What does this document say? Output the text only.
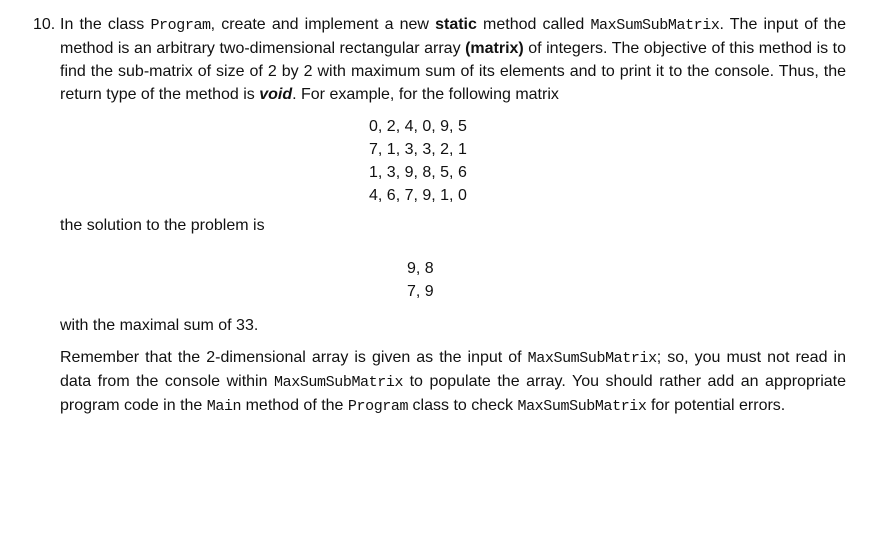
10. In the class Program, create and implement a new static method called MaxSumSubMatrix. The input of the method is an arbitrary two-dimensional rectangular array (matrix) of integers. The objective of this method is to find the sub-matrix of size of 2 by 2 with maximum sum of its elements and to print it to the console. Thus, the return type of the method is void. For example, for the following matrix

0, 2, 4, 0, 9, 5
7, 1, 3, 3, 2, 1
1, 3, 9, 8, 5, 6
4, 6, 7, 9, 1, 0

the solution to the problem is

9, 8
7, 9

with the maximal sum of 33.

Remember that the 2-dimensional array is given as the input of MaxSumSubMatrix; so, you must not read in data from the console within MaxSumSubMatrix to populate the array. You should rather add an appropriate program code in the Main method of the Program class to check MaxSumSubMatrix for potential errors.
